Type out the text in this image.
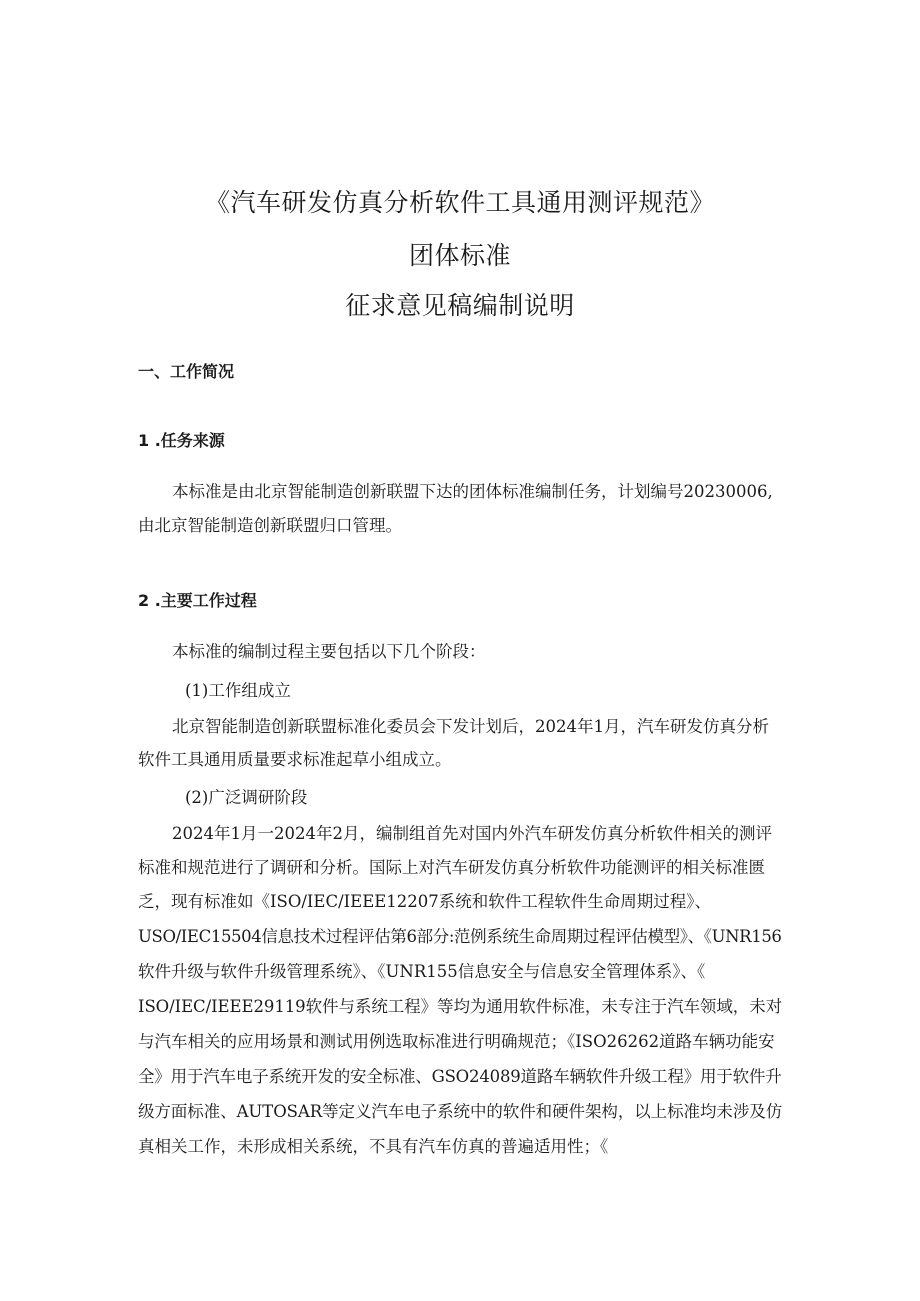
《汽车研发仿真分析软件工具通用测评规范》
团体标准
征求意见稿编制说明
一、工作简况
1 .任务来源
本标准是由北京智能制造创新联盟下达的团体标准编制任务，计划编号20230006,
由北京智能制造创新联盟归口管理。
2 .主要工作过程
本标准的编制过程主要包括以下几个阶段：
(1)工作组成立
北京智能制造创新联盟标准化委员会下发计划后，2024年1月，汽车研发仿真分析
软件工具通用质量要求标准起草小组成立。
(2)广泛调研阶段
2024年1月一2024年2月，编制组首先对国内外汽车研发仿真分析软件相关的测评
标准和规范进行了调研和分析。国际上对汽车研发仿真分析软件功能测评的相关标准匮
乏，现有标准如《ISO/IEC/IEEE12207系统和软件工程软件生命周期过程》、
USO/IEC15504信息技术过程评估第6部分:范例系统生命周期过程评估模型》、《UNR156
软件升级与软件升级管理系统》、《UNR155信息安全与信息安全管理体系》、《
ISO/IEC/IEEE29119软件与系统工程》等均为通用软件标准，未专注于汽车领域，未对
与汽车相关的应用场景和测试用例选取标准进行明确规范；《ISO26262道路车辆功能安
全》用于汽车电子系统开发的安全标准、GSO24089道路车辆软件升级工程》用于软件升
级方面标准、AUTOSAR等定义汽车电子系统中的软件和硬件架构，以上标准均未涉及仿
真相关工作，未形成相关系统，不具有汽车仿真的普遍适用性；《
